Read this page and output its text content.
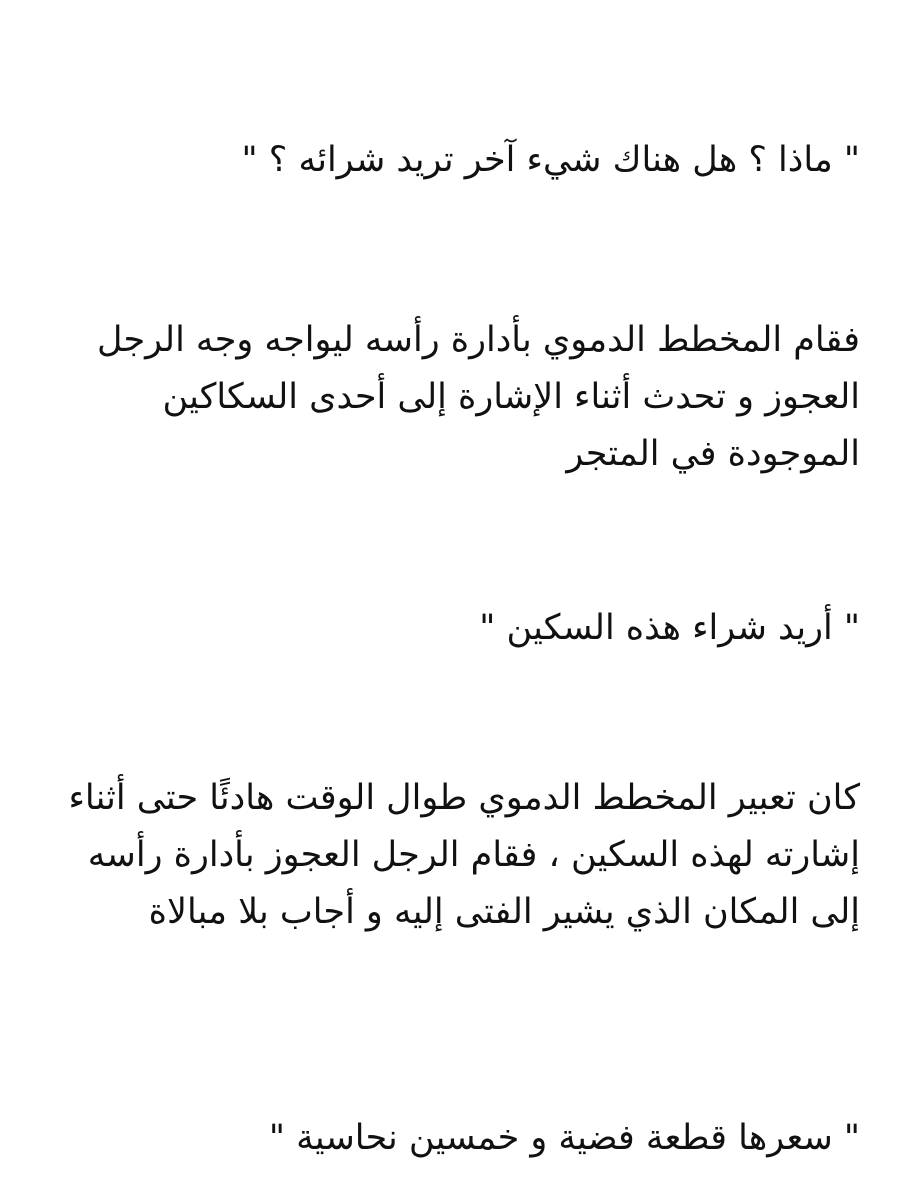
" ماذا ؟ هل هناك شيء آخر تريد شرائه ؟ "

فقام المخطط الدموي بأدارة رأسه ليواجه وجه الرجل العجوز و تحدث أثناء الإشارة إلى أحدى السكاكين الموجودة في المتجر

" أريد شراء هذه السكين "

كان تعبير المخطط الدموي طوال الوقت هادئًا حتى أثناء إشارته لهذه السكين ، فقام الرجل العجوز بأدارة رأسه إلى المكان الذي يشير الفتى إليه و أجاب بلا مبالاة

" سعرها قطعة فضية و خمسين نحاسية "
